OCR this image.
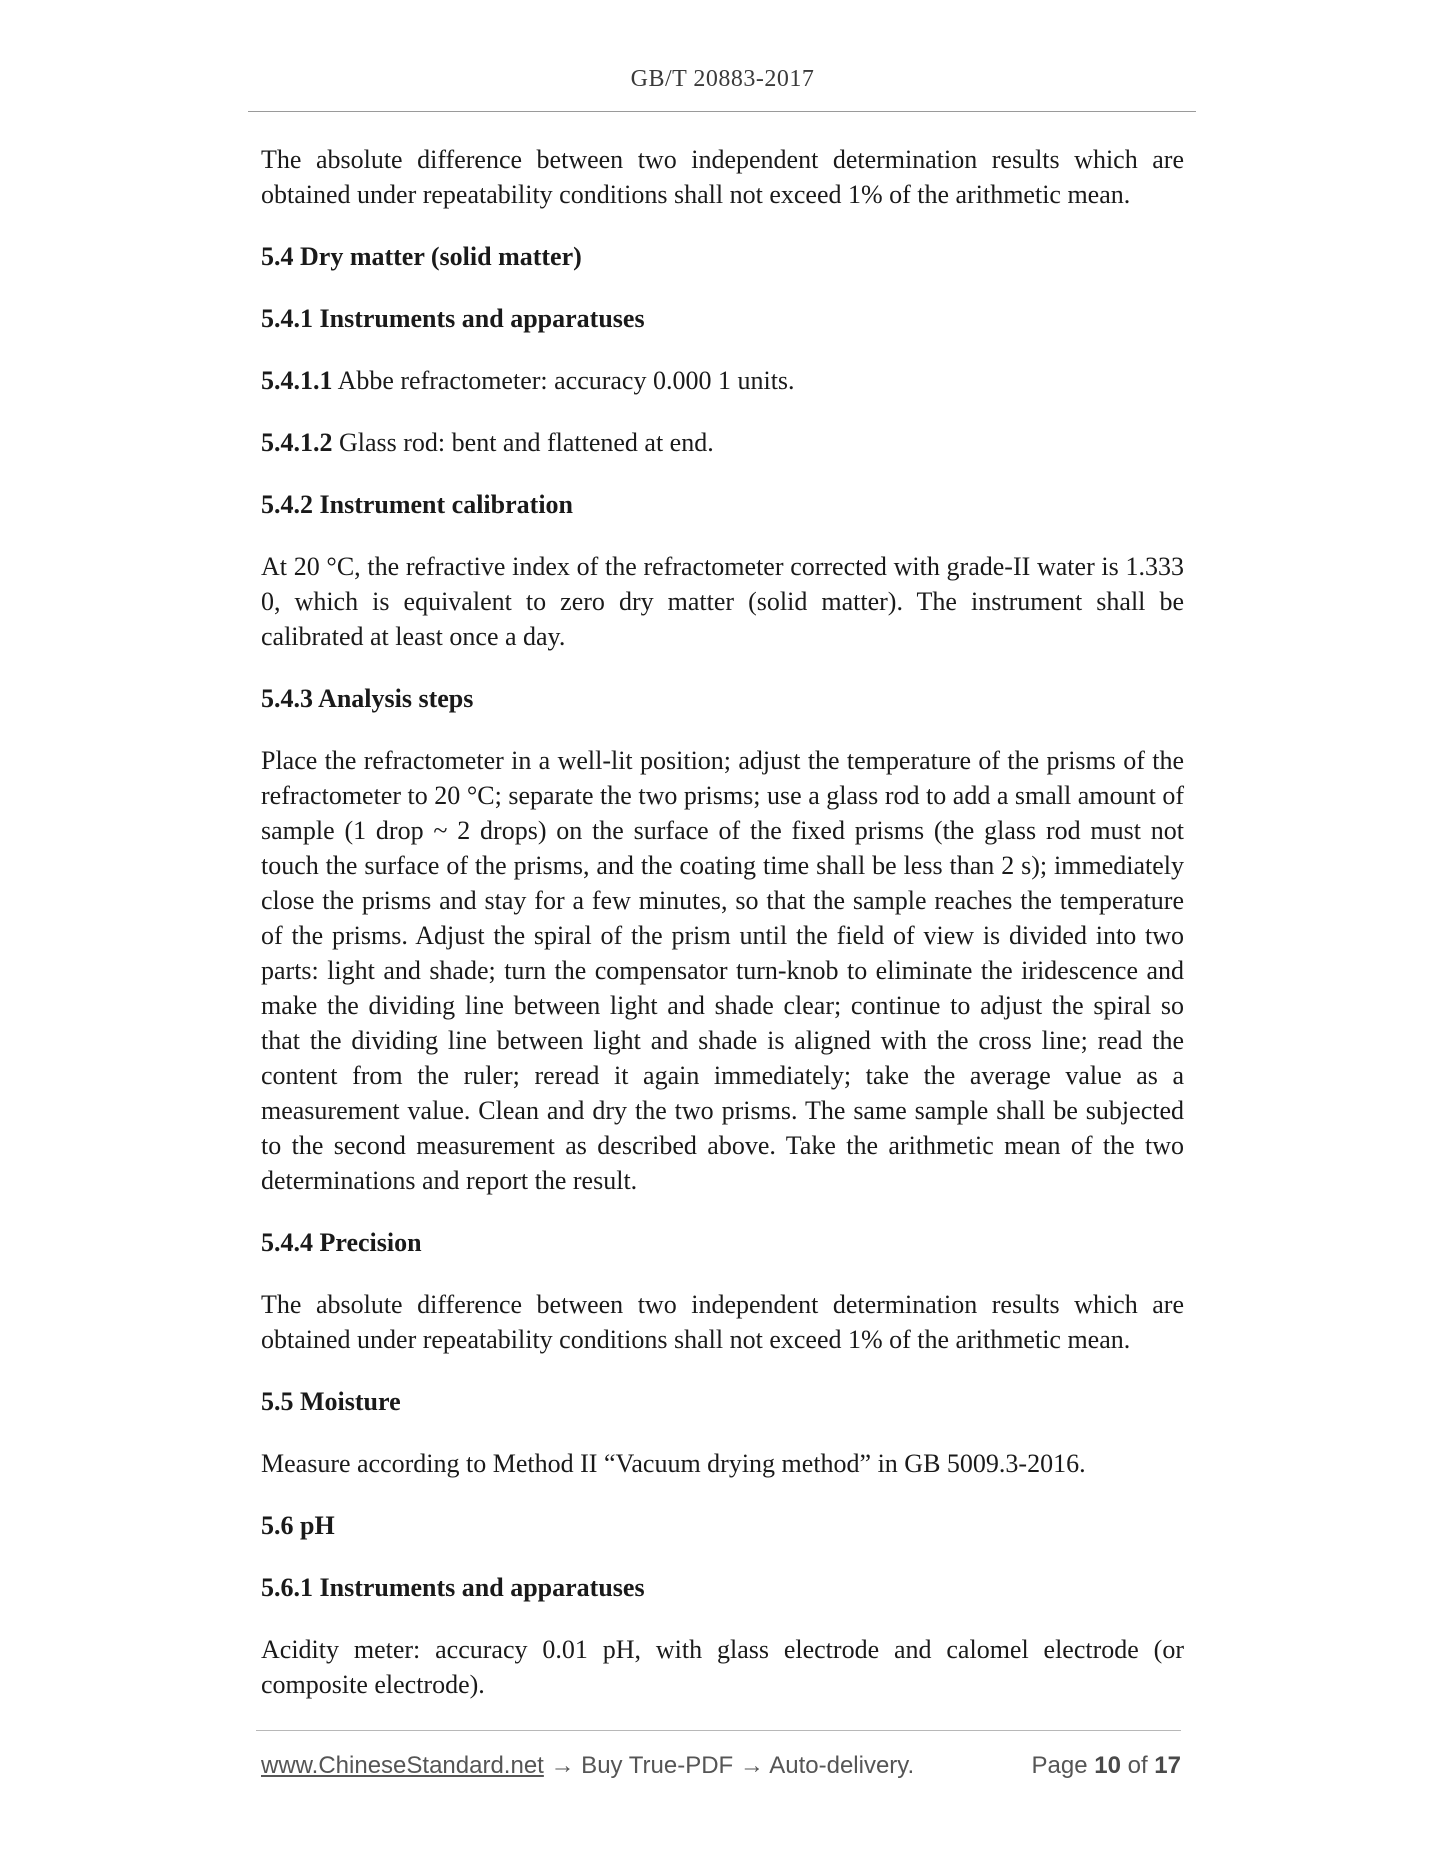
GB/T 20883-2017

The absolute difference between two independent determination results which are obtained under repeatability conditions shall not exceed 1% of the arithmetic mean.

5.4 Dry matter (solid matter)

5.4.1 Instruments and apparatuses

5.4.1.1 Abbe refractometer: accuracy 0.000 1 units.

5.4.1.2 Glass rod: bent and flattened at end.

5.4.2 Instrument calibration

At 20 °C, the refractive index of the refractometer corrected with grade-II water is 1.333 0, which is equivalent to zero dry matter (solid matter). The instrument shall be calibrated at least once a day.

5.4.3 Analysis steps

Place the refractometer in a well-lit position; adjust the temperature of the prisms of the refractometer to 20 °C; separate the two prisms; use a glass rod to add a small amount of sample (1 drop ~ 2 drops) on the surface of the fixed prisms (the glass rod must not touch the surface of the prisms, and the coating time shall be less than 2 s); immediately close the prisms and stay for a few minutes, so that the sample reaches the temperature of the prisms. Adjust the spiral of the prism until the field of view is divided into two parts: light and shade; turn the compensator turn-knob to eliminate the iridescence and make the dividing line between light and shade clear; continue to adjust the spiral so that the dividing line between light and shade is aligned with the cross line; read the content from the ruler; reread it again immediately; take the average value as a measurement value. Clean and dry the two prisms. The same sample shall be subjected to the second measurement as described above. Take the arithmetic mean of the two determinations and report the result.

5.4.4 Precision

The absolute difference between two independent determination results which are obtained under repeatability conditions shall not exceed 1% of the arithmetic mean.

5.5 Moisture

Measure according to Method II “Vacuum drying method” in GB 5009.3-2016.

5.6 pH

5.6.1 Instruments and apparatuses

Acidity meter: accuracy 0.01 pH, with glass electrode and calomel electrode (or composite electrode).

www.ChineseStandard.net → Buy True-PDF → Auto-delivery.	Page 10 of 17
